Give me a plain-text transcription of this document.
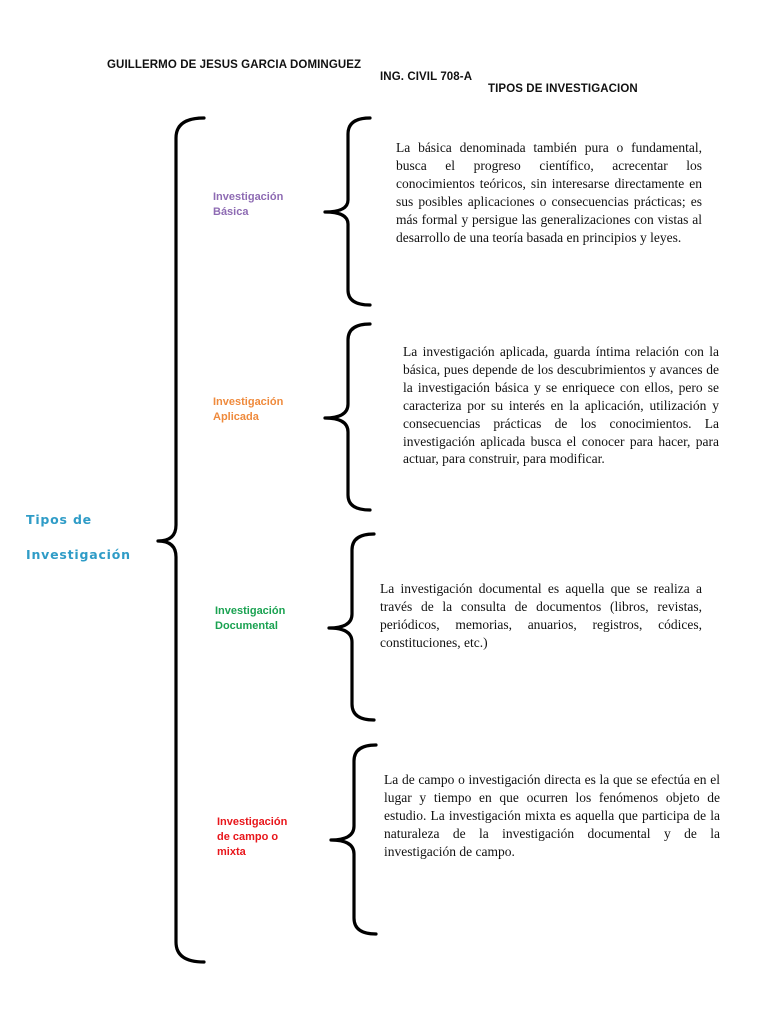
GUILLERMO DE JESUS GARCIA DOMINGUEZ

ING. CIVIL 708-A

TIPOS DE INVESTIGACION

Tipos de
Investigación
Investigación
Básica
La básica denominada también pura o fundamental, busca el progreso científico, acrecentar los conocimientos teóricos, sin interesarse directamente en sus posibles aplicaciones o consecuencias prácticas; es más formal y persigue las generalizaciones con vistas al desarrollo de una teoría basada en principios y leyes.
Investigación
Aplicada
La investigación aplicada, guarda íntima relación con la básica, pues depende de los descubrimientos y avances de la investigación básica y se enriquece con ellos, pero se caracteriza por su interés en la aplicación, utilización y consecuencias prácticas de los conocimientos. La investigación aplicada busca el conocer para hacer, para actuar, para construir, para modificar.
Investigación
Documental
La investigación documental es aquella que se realiza a través de la consulta de documentos (libros, revistas, periódicos, memorias, anuarios, registros, códices, constituciones, etc.)
Investigación
de campo o
mixta
La de campo o investigación directa es la que se efectúa en el lugar y tiempo en que ocurren los fenómenos objeto de estudio. La investigación mixta es aquella que participa de la naturaleza de la investigación documental y de la investigación de campo.
